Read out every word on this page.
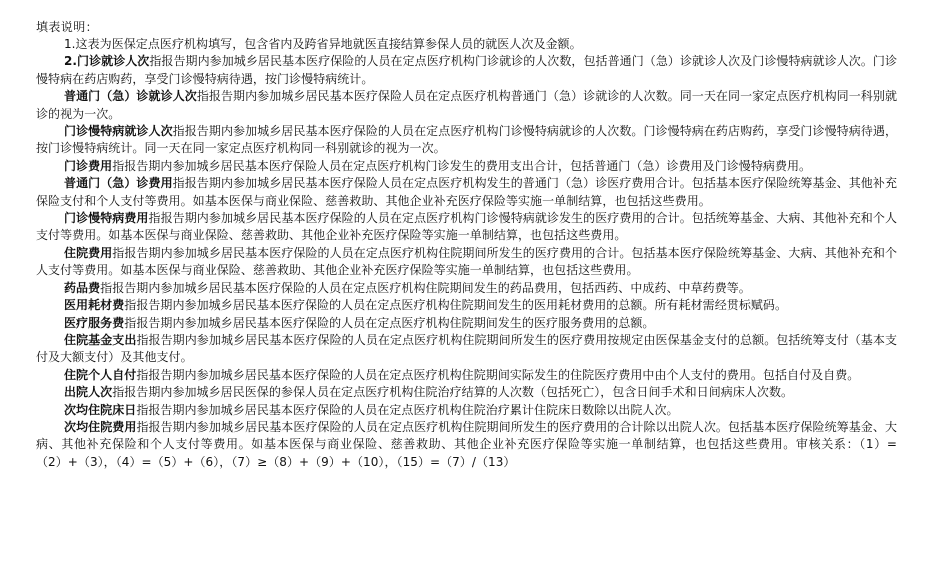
填表说明：

1.这表为医保定点医疗机构填写，包含省内及跨省异地就医直接结算参保人员的就医人次及金额。

2.门诊就诊人次指报告期内参加城乡居民基本医疗保险的人员在定点医疗机构门诊就诊的人次数，包括普通门（急）诊就诊人次及门诊慢特病就诊人次。门诊慢特病在药店购药，享受门诊慢特病待遇，按门诊慢特病统计。

普通门（急）诊就诊人次指报告期内参加城乡居民基本医疗保险人员在定点医疗机构普通门（急）诊就诊的人次数。同一天在同一家定点医疗机构同一科别就诊的视为一次。

门诊慢特病就诊人次指报告期内参加城乡居民基本医疗保险的人员在定点医疗机构门诊慢特病就诊的人次数。门诊慢特病在药店购药，享受门诊慢特病待遇，按门诊慢特病统计。同一天在同一家定点医疗机构同一科别就诊的视为一次。

门诊费用指报告期内参加城乡居民基本医疗保险人员在定点医疗机构门诊发生的费用支出合计，包括普通门（急）诊费用及门诊慢特病费用。

普通门（急）诊费用指报告期内参加城乡居民基本医疗保险人员在定点医疗机构发生的普通门（急）诊医疗费用合计。包括基本医疗保险统筹基金、其他补充保险支付和个人支付等费用。如基本医保与商业保险、慈善救助、其他企业补充医疗保险等实施一单制结算，也包括这些费用。

门诊慢特病费用指报告期内参加城乡居民基本医疗保险的人员在定点医疗机构门诊慢特病就诊发生的医疗费用的合计。包括统筹基金、大病、其他补充和个人支付等费用。如基本医保与商业保险、慈善救助、其他企业补充医疗保险等实施一单制结算，也包括这些费用。

住院费用指报告期内参加城乡居民基本医疗保险的人员在定点医疗机构住院期间所发生的医疗费用的合计。包括基本医疗保险统筹基金、大病、其他补充和个人支付等费用。如基本医保与商业保险、慈善救助、其他企业补充医疗保险等实施一单制结算，也包括这些费用。

药品费指报告期内参加城乡居民基本医疗保险的人员在定点医疗机构住院期间发生的药品费用，包括西药、中成药、中草药费等。

医用耗材费指报告期内参加城乡居民基本医疗保险的人员在定点医疗机构住院期间发生的医用耗材费用的总额。所有耗材需经贯标赋码。

医疗服务费指报告期内参加城乡居民基本医疗保险的人员在定点医疗机构住院期间发生的医疗服务费用的总额。

住院基金支出指报告期内参加城乡居民基本医疗保险的人员在定点医疗机构住院期间所发生的医疗费用按规定由医保基金支付的总额。包括统筹支付（基本支付及大额支付）及其他支付。

住院个人自付指报告期内参加城乡居民基本医疗保险的人员在定点医疗机构住院期间实际发生的住院医疗费用中由个人支付的费用。包括自付及自费。

出院人次指报告期内参加城乡居民医保的参保人员在定点医疗机构住院治疗结算的人次数（包括死亡），包含日间手术和日间病床人次数。

次均住院床日指报告期内参加城乡居民基本医疗保险的人员在定点医疗机构住院治疗累计住院床日数除以出院人次。

次均住院费用指报告期内参加城乡居民基本医疗保险的人员在定点医疗机构住院期间所发生的医疗费用的合计除以出院人次。包括基本医疗保险统筹基金、大病、其他补充保险和个人支付等费用。如基本医保与商业保险、慈善救助、其他企业补充医疗保险等实施一单制结算，也包括这些费用。审核关系：（1）=（2）+（3），（4）=（5）+（6），（7）≥（8）+（9）+（10），（15）=（7）/（13）
